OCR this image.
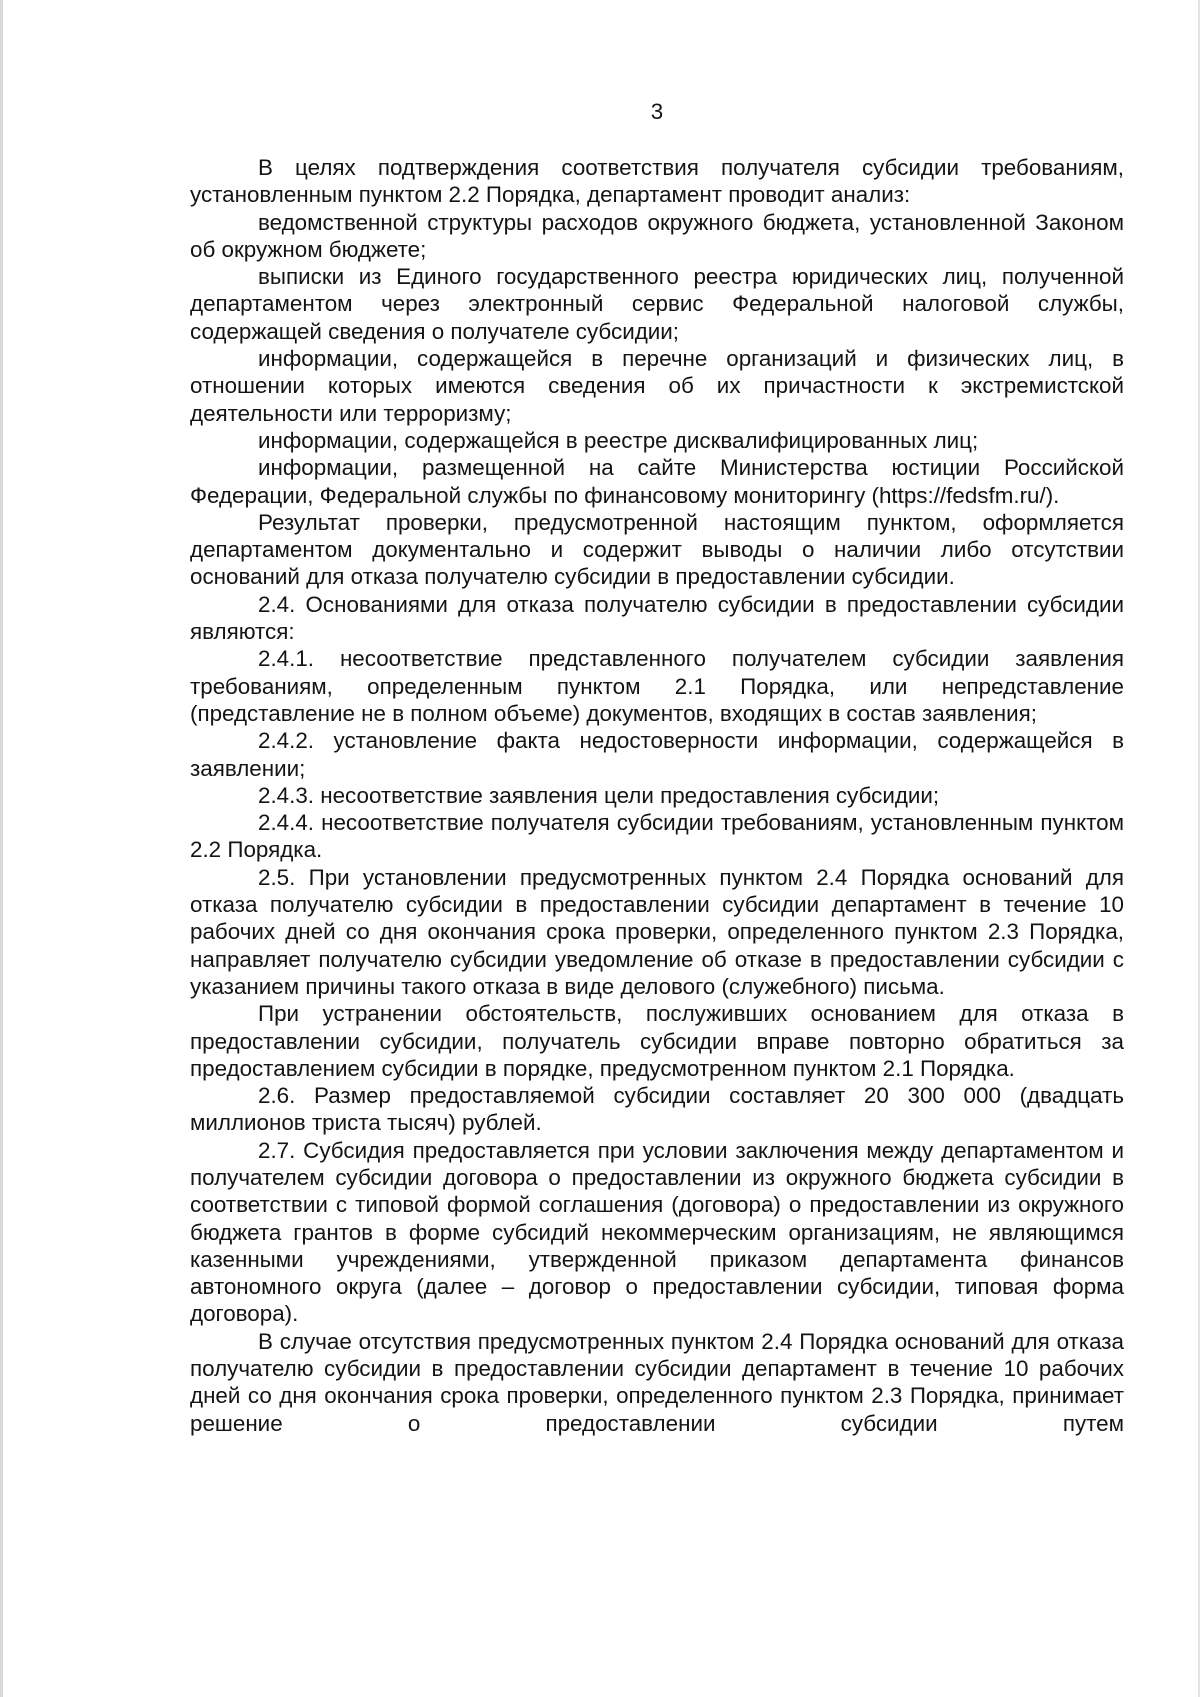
3

В целях подтверждения соответствия получателя субсидии требованиям, установленным пунктом 2.2 Порядка, департамент проводит анализ:

ведомственной структуры расходов окружного бюджета, установленной Законом об окружном бюджете;

выписки из Единого государственного реестра юридических лиц, полученной департаментом через электронный сервис Федеральной налоговой службы, содержащей сведения о получателе субсидии;

информации, содержащейся в перечне организаций и физических лиц, в отношении которых имеются сведения об их причастности к экстремистской деятельности или терроризму;

информации, содержащейся в реестре дисквалифицированных лиц;

информации, размещенной на сайте Министерства юстиции Российской Федерации, Федеральной службы по финансовому мониторингу (https://fedsfm.ru/).

Результат проверки, предусмотренной настоящим пунктом, оформляется департаментом документально и содержит выводы о наличии либо отсутствии оснований для отказа получателю субсидии в предоставлении субсидии.

2.4. Основаниями для отказа получателю субсидии в предоставлении субсидии являются:

2.4.1. несоответствие представленного получателем субсидии заявления требованиям, определенным пунктом 2.1 Порядка, или непредставление (представление не в полном объеме) документов, входящих в состав заявления;

2.4.2. установление факта недостоверности информации, содержащейся в заявлении;

2.4.3. несоответствие заявления цели предоставления субсидии;

2.4.4. несоответствие получателя субсидии требованиям, установленным пунктом 2.2 Порядка.

2.5. При установлении предусмотренных пунктом 2.4 Порядка оснований для отказа получателю субсидии в предоставлении субсидии департамент в течение 10 рабочих дней со дня окончания срока проверки, определенного пунктом 2.3 Порядка, направляет получателю субсидии уведомление об отказе в предоставлении субсидии с указанием причины такого отказа в виде делового (служебного) письма.

При устранении обстоятельств, послуживших основанием для отказа в предоставлении субсидии, получатель субсидии вправе повторно обратиться за предоставлением субсидии в порядке, предусмотренном пунктом 2.1 Порядка.

2.6. Размер предоставляемой субсидии составляет 20 300 000 (двадцать миллионов триста тысяч) рублей.

2.7. Субсидия предоставляется при условии заключения между департаментом и получателем субсидии договора о предоставлении из окружного бюджета субсидии в соответствии с типовой формой соглашения (договора) о предоставлении из окружного бюджета грантов в форме субсидий некоммерческим организациям, не являющимся казенными учреждениями, утвержденной приказом департамента финансов автономного округа (далее – договор о предоставлении субсидии, типовая форма договора).

В случае отсутствия предусмотренных пунктом 2.4 Порядка оснований для отказа получателю субсидии в предоставлении субсидии департамент в течение 10 рабочих дней со дня окончания срока проверки, определенного пунктом 2.3 Порядка, принимает решение о предоставлении субсидии путем
